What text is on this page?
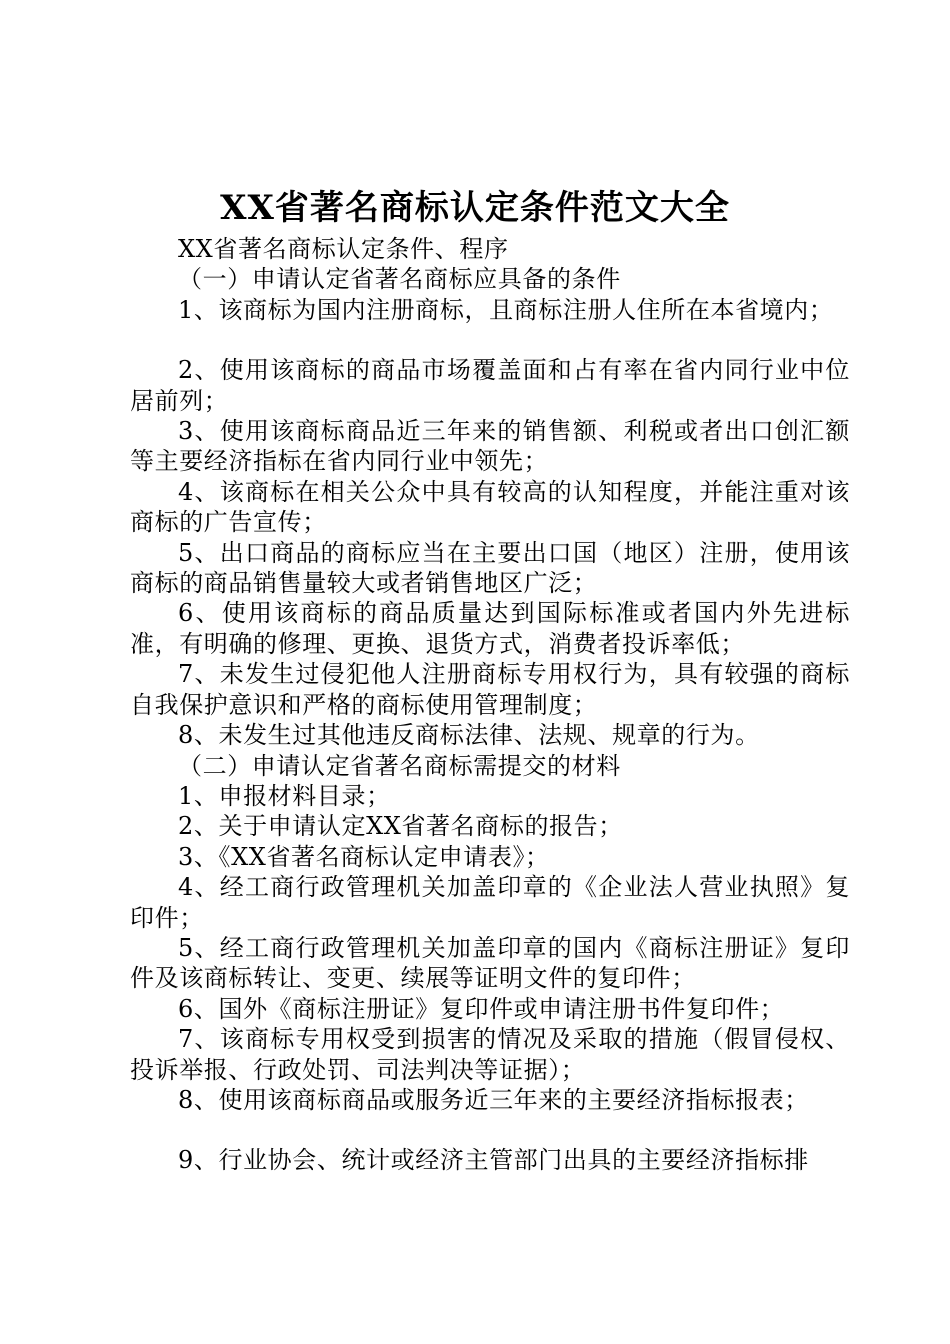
XX省著名商标认定条件范文大全

XX省著名商标认定条件、程序

（一）申请认定省著名商标应具备的条件

1、该商标为国内注册商标，且商标注册人住所在本省境内；

2、使用该商标的商品市场覆盖面和占有率在省内同行业中位居前列；

3、使用该商标商品近三年来的销售额、利税或者出口创汇额等主要经济指标在省内同行业中领先；

4、该商标在相关公众中具有较高的认知程度，并能注重对该商标的广告宣传；

5、出口商品的商标应当在主要出口国（地区）注册，使用该商标的商品销售量较大或者销售地区广泛；

6、使用该商标的商品质量达到国际标准或者国内外先进标准，有明确的修理、更换、退货方式，消费者投诉率低；

7、未发生过侵犯他人注册商标专用权行为，具有较强的商标自我保护意识和严格的商标使用管理制度；

8、未发生过其他违反商标法律、法规、规章的行为。

（二）申请认定省著名商标需提交的材料

1、申报材料目录；

2、关于申请认定XX省著名商标的报告；

3、《XX省著名商标认定申请表》；

4、经工商行政管理机关加盖印章的《企业法人营业执照》复印件；

5、经工商行政管理机关加盖印章的国内《商标注册证》复印件及该商标转让、变更、续展等证明文件的复印件；

6、国外《商标注册证》复印件或申请注册书件复印件；

7、该商标专用权受到损害的情况及采取的措施（假冒侵权、投诉举报、行政处罚、司法判决等证据）；

8、使用该商标商品或服务近三年来的主要经济指标报表；

9、行业协会、统计或经济主管部门出具的主要经济指标排
